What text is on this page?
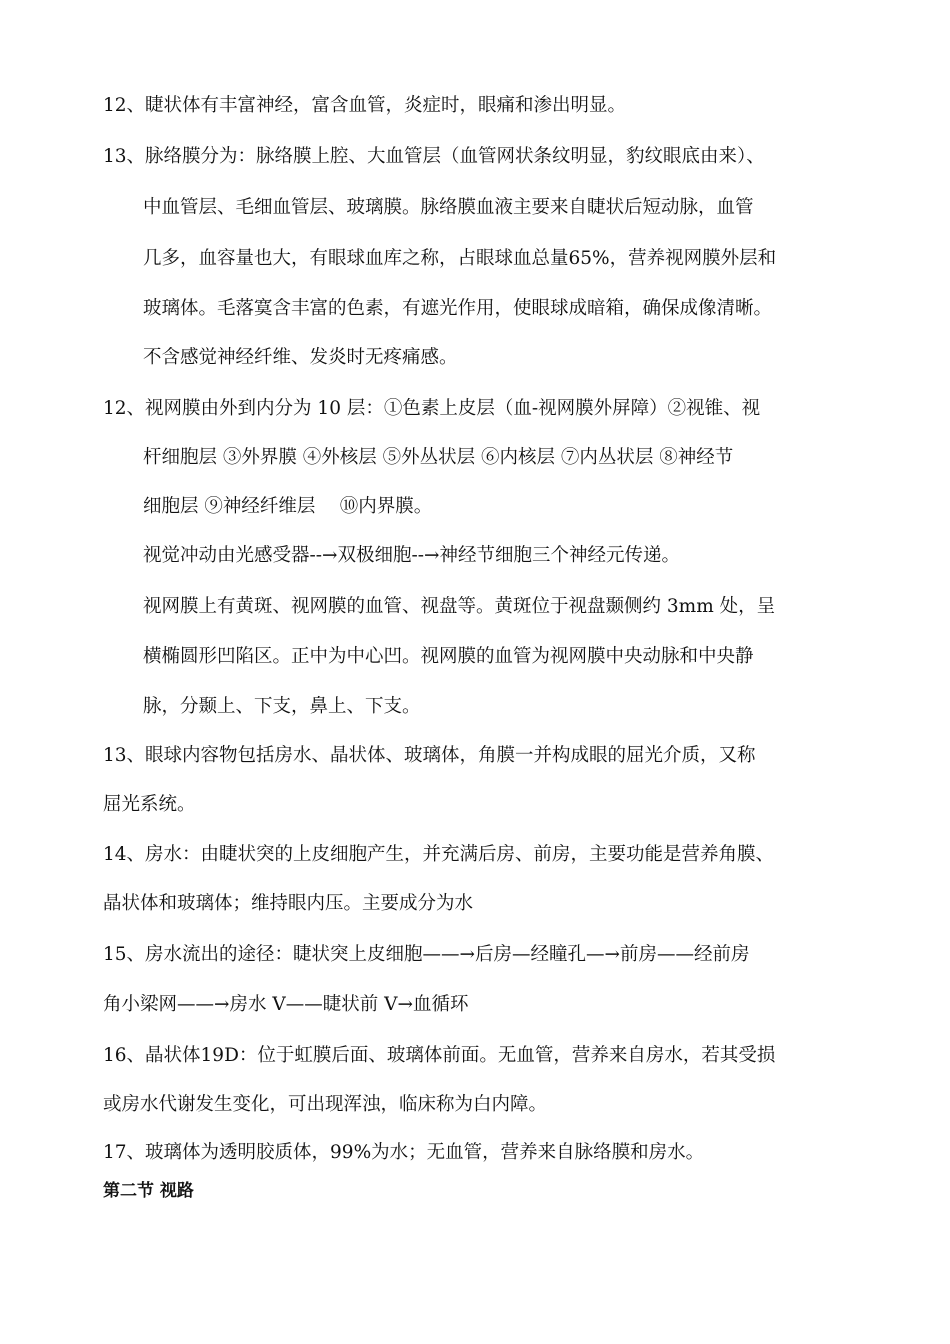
12、睫状体有丰富神经，富含血管，炎症时，眼痛和渗出明显。
13、脉络膜分为：脉络膜上腔、大血管层（血管网状条纹明显，豹纹眼底由来）、
中血管层、毛细血管层、玻璃膜。脉络膜血液主要来自睫状后短动脉，血管
几多，血容量也大，有眼球血库之称，占眼球血总量65%，营养视网膜外层和
玻璃体。毛落寞含丰富的色素，有遮光作用，使眼球成暗箱，确保成像清晰。
不含感觉神经纤维、发炎时无疼痛感。
12、视网膜由外到内分为 10 层：①色素上皮层（血-视网膜外屏障）②视锥、视
杆细胞层 ③外界膜 ④外核层 ⑤外丛状层 ⑥内核层 ⑦内丛状层 ⑧神经节
细胞层 ⑨神经纤维层　 ⑩内界膜。
视觉冲动由光感受器--→双极细胞--→神经节细胞三个神经元传递。
视网膜上有黄斑、视网膜的血管、视盘等。黄斑位于视盘颞侧约 3mm 处，呈
横椭圆形凹陷区。正中为中心凹。视网膜的血管为视网膜中央动脉和中央静
脉，分颞上、下支，鼻上、下支。
13、眼球内容物包括房水、晶状体、玻璃体，角膜一并构成眼的屈光介质，又称
屈光系统。
14、房水：由睫状突的上皮细胞产生，并充满后房、前房，主要功能是营养角膜、
晶状体和玻璃体；维持眼内压。主要成分为水
15、房水流出的途径：睫状突上皮细胞——→后房—经瞳孔—→前房——经前房
角小梁网——→房水 V——睫状前 V→血循环
16、晶状体19D：位于虹膜后面、玻璃体前面。无血管，营养来自房水，若其受损
或房水代谢发生变化，可出现浑浊，临床称为白内障。
17、玻璃体为透明胶质体，99%为水；无血管，营养来自脉络膜和房水。
第二节 视路
